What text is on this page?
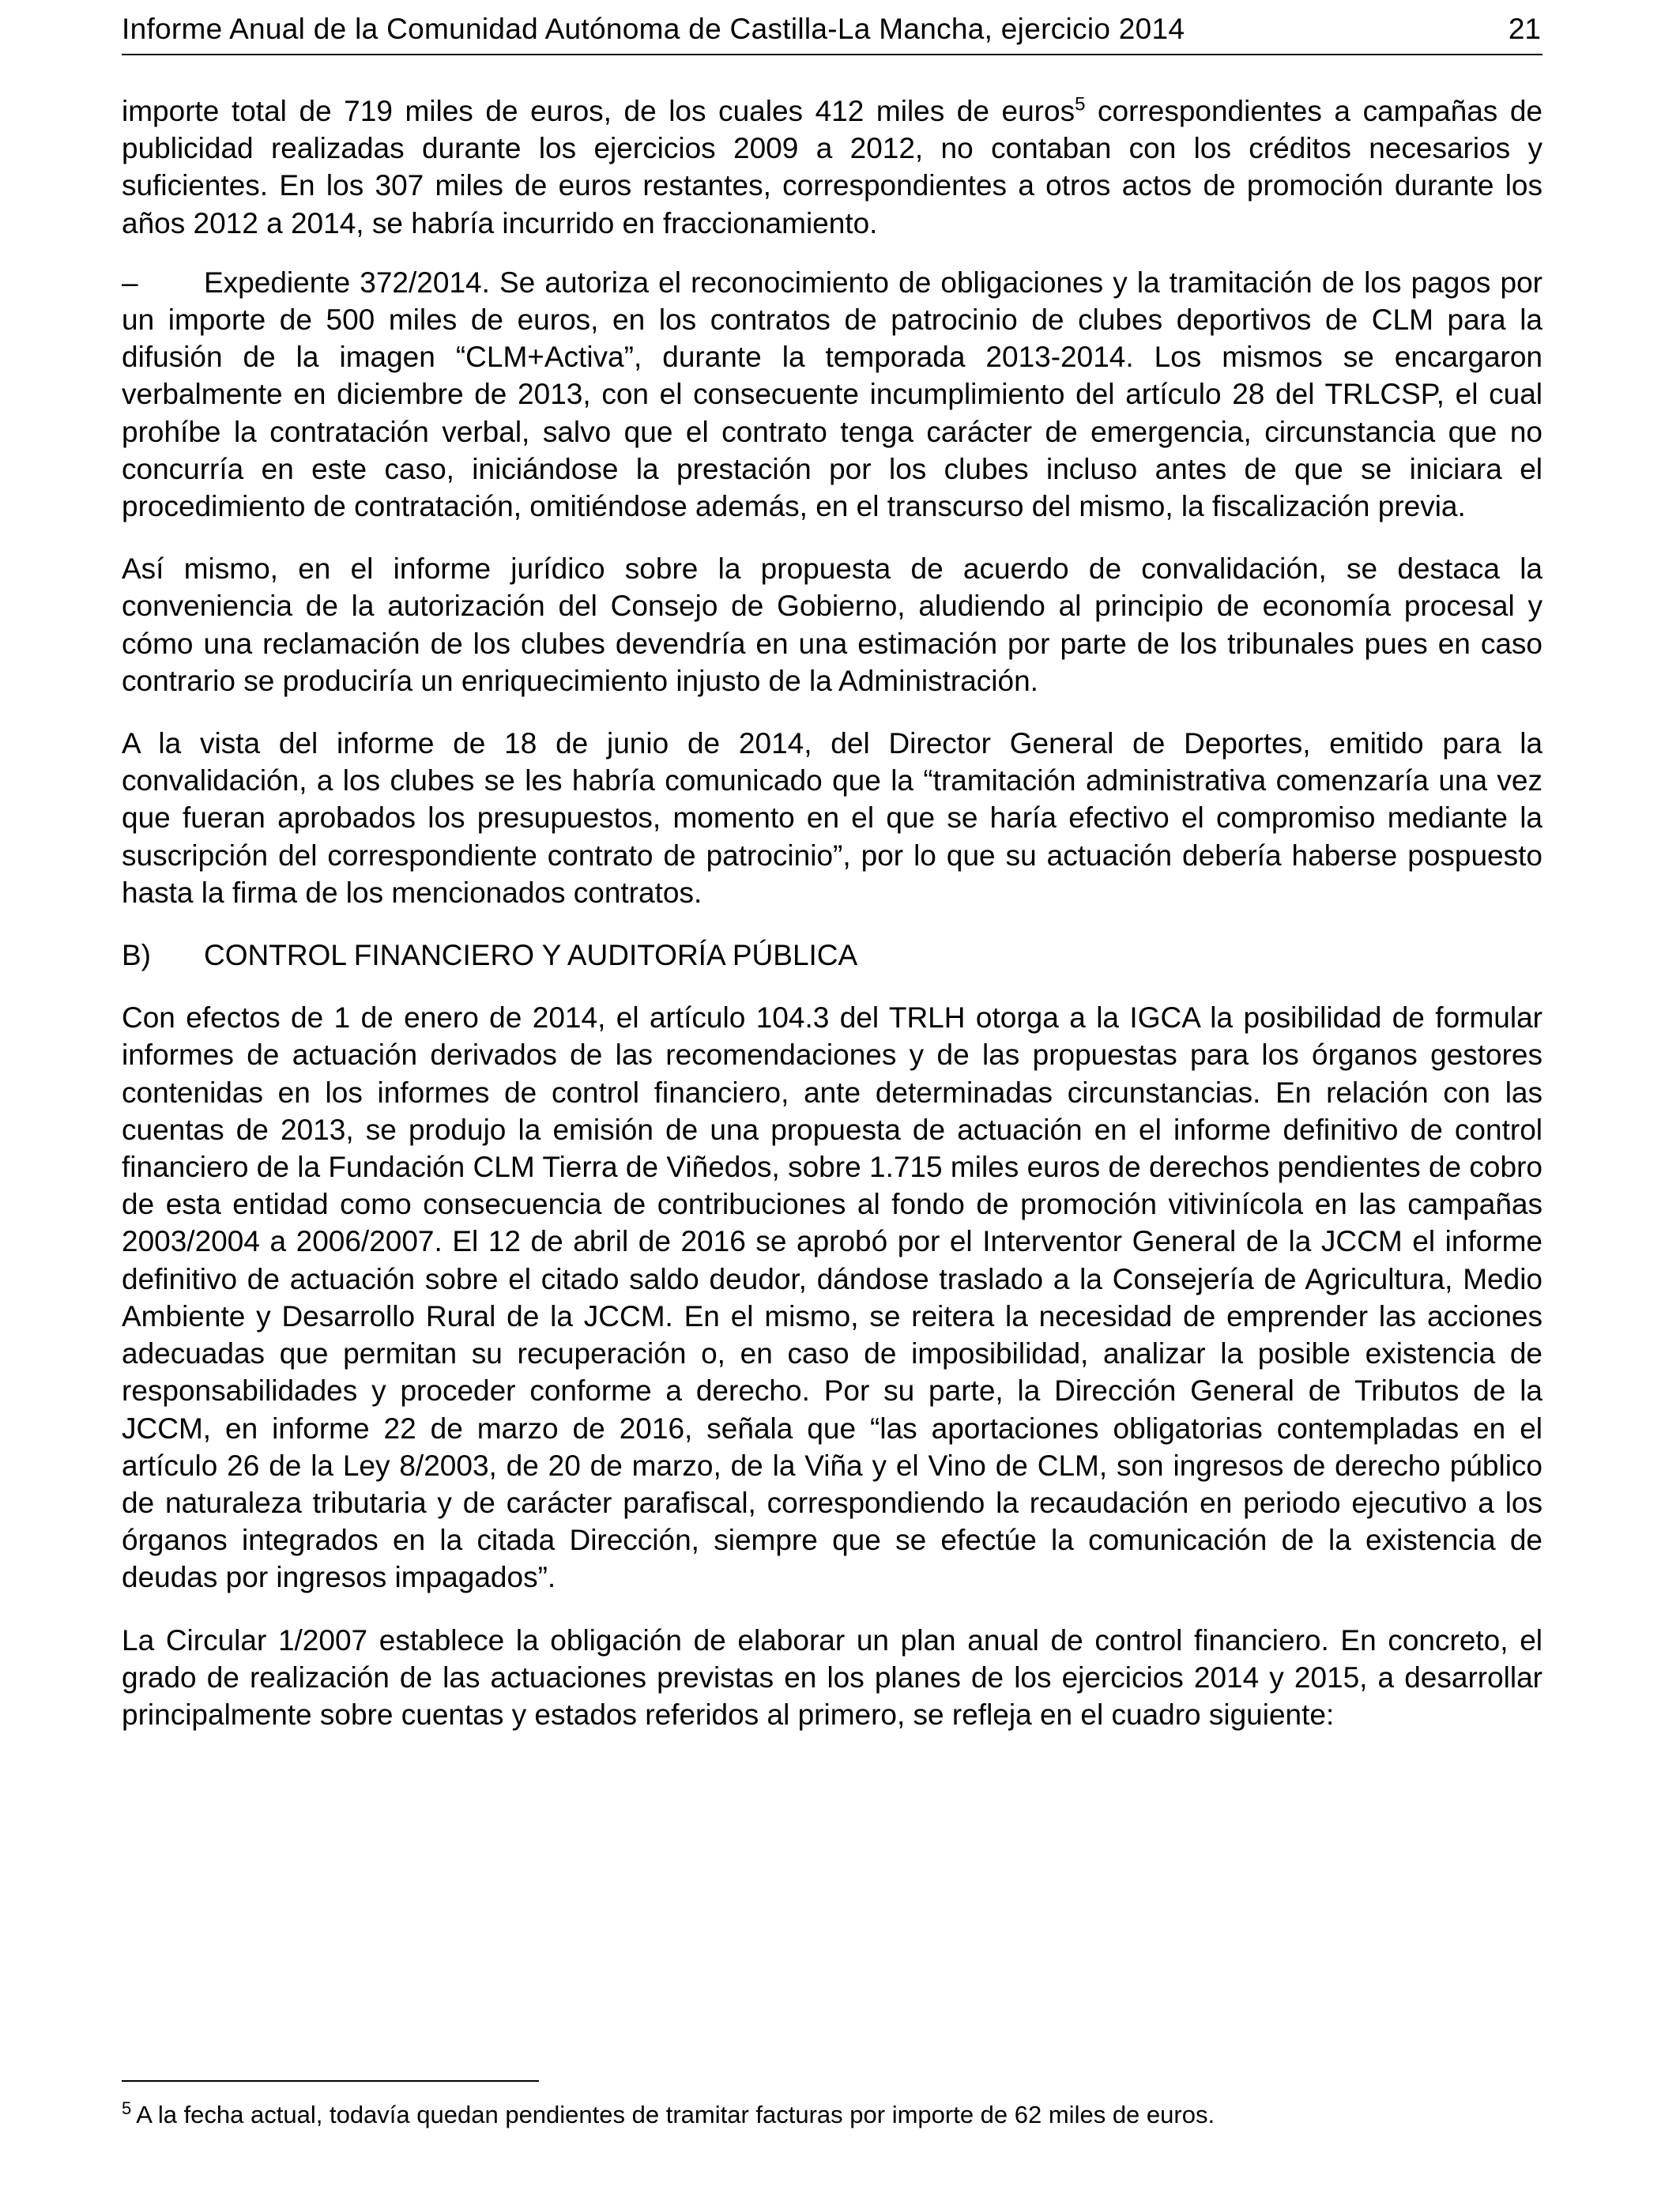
Informe Anual de la Comunidad Autónoma de Castilla-La Mancha, ejercicio 2014	21

importe total de 719 miles de euros, de los cuales 412 miles de euros$^5$ correspondientes a campañas de publicidad realizadas durante los ejercicios 2009 a 2012, no contaban con los créditos necesarios y suficientes. En los 307 miles de euros restantes, correspondientes a otros actos de promoción durante los años 2012 a 2014, se habría incurrido en fraccionamiento.

– Expediente 372/2014. Se autoriza el reconocimiento de obligaciones y la tramitación de los pagos por un importe de 500 miles de euros, en los contratos de patrocinio de clubes deportivos de CLM para la difusión de la imagen “CLM+Activa”, durante la temporada 2013-2014. Los mismos se encargaron verbalmente en diciembre de 2013, con el consecuente incumplimiento del artículo 28 del TRLCSP, el cual prohíbe la contratación verbal, salvo que el contrato tenga carácter de emergencia, circunstancia que no concurría en este caso, iniciándose la prestación por los clubes incluso antes de que se iniciara el procedimiento de contratación, omitiéndose además, en el transcurso del mismo, la fiscalización previa.

Así mismo, en el informe jurídico sobre la propuesta de acuerdo de convalidación, se destaca la conveniencia de la autorización del Consejo de Gobierno, aludiendo al principio de economía procesal y cómo una reclamación de los clubes devendría en una estimación por parte de los tribunales pues en caso contrario se produciría un enriquecimiento injusto de la Administración.

A la vista del informe de 18 de junio de 2014, del Director General de Deportes, emitido para la convalidación, a los clubes se les habría comunicado que la “tramitación administrativa comenzaría una vez que fueran aprobados los presupuestos, momento en el que se haría efectivo el compromiso mediante la suscripción del correspondiente contrato de patrocinio”, por lo que su actuación debería haberse pospuesto hasta la firma de los mencionados contratos.

B) CONTROL FINANCIERO Y AUDITORÍA PÚBLICA

Con efectos de 1 de enero de 2014, el artículo 104.3 del TRLH otorga a la IGCA la posibilidad de formular informes de actuación derivados de las recomendaciones y de las propuestas para los órganos gestores contenidas en los informes de control financiero, ante determinadas circunstancias. En relación con las cuentas de 2013, se produjo la emisión de una propuesta de actuación en el informe definitivo de control financiero de la Fundación CLM Tierra de Viñedos, sobre 1.715 miles euros de derechos pendientes de cobro de esta entidad como consecuencia de contribuciones al fondo de promoción vitivinícola en las campañas 2003/2004 a 2006/2007. El 12 de abril de 2016 se aprobó por el Interventor General de la JCCM el informe definitivo de actuación sobre el citado saldo deudor, dándose traslado a la Consejería de Agricultura, Medio Ambiente y Desarrollo Rural de la JCCM. En el mismo, se reitera la necesidad de emprender las acciones adecuadas que permitan su recuperación o, en caso de imposibilidad, analizar la posible existencia de responsabilidades y proceder conforme a derecho. Por su parte, la Dirección General de Tributos de la JCCM, en informe 22 de marzo de 2016, señala que “las aportaciones obligatorias contempladas en el artículo 26 de la Ley 8/2003, de 20 de marzo, de la Viña y el Vino de CLM, son ingresos de derecho público de naturaleza tributaria y de carácter parafiscal, correspondiendo la recaudación en periodo ejecutivo a los órganos integrados en la citada Dirección, siempre que se efectúe la comunicación de la existencia de deudas por ingresos impagados”.

La Circular 1/2007 establece la obligación de elaborar un plan anual de control financiero. En concreto, el grado de realización de las actuaciones previstas en los planes de los ejercicios 2014 y 2015, a desarrollar principalmente sobre cuentas y estados referidos al primero, se refleja en el cuadro siguiente:

$^5$ A la fecha actual, todavía quedan pendientes de tramitar facturas por importe de 62 miles de euros.
